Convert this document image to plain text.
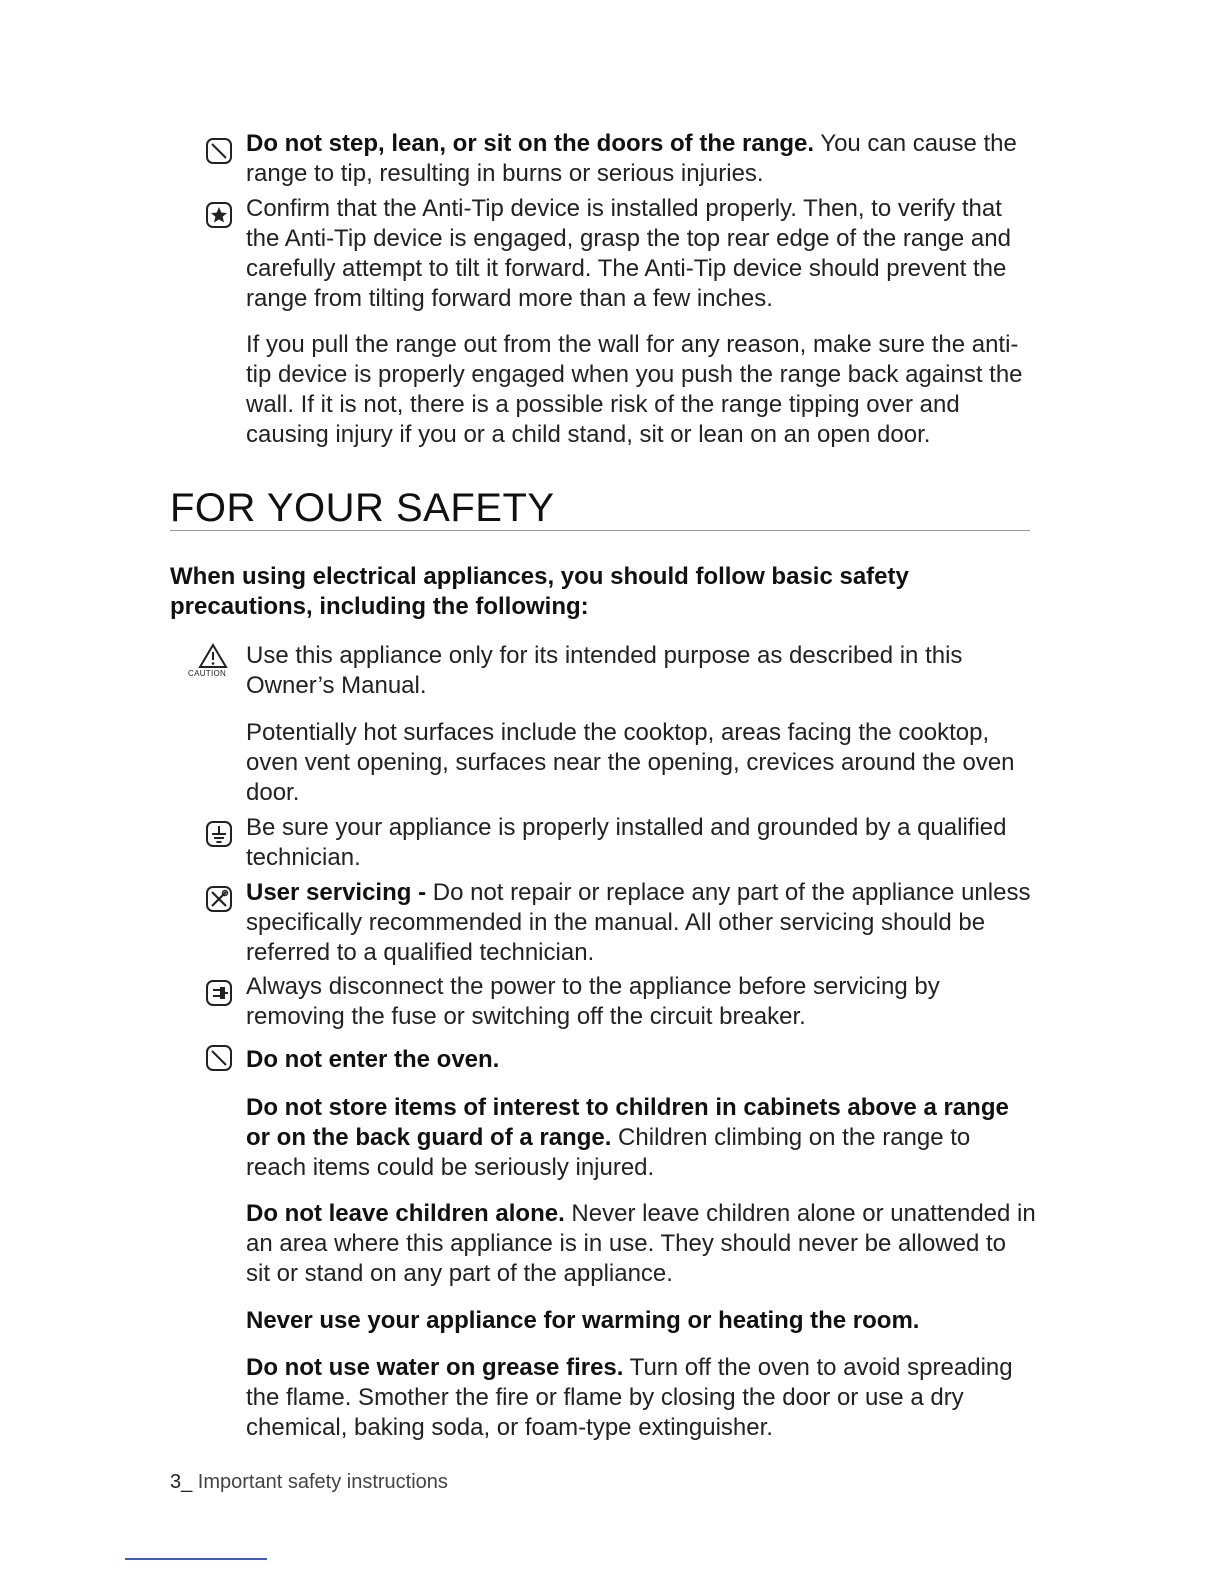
Do not step, lean, or sit on the doors of the range. You can cause the range to tip, resulting in burns or serious injuries.
Confirm that the Anti-Tip device is installed properly. Then, to verify that the Anti-Tip device is engaged, grasp the top rear edge of the range and carefully attempt to tilt it forward. The Anti-Tip device should prevent the range from tilting forward more than a few inches.
If you pull the range out from the wall for any reason, make sure the anti-tip device is properly engaged when you push the range back against the wall. If it is not, there is a possible risk of the range tipping over and causing injury if you or a child stand, sit or lean on an open door.
FOR YOUR SAFETY
When using electrical appliances, you should follow basic safety precautions, including the following:
CAUTION
Use this appliance only for its intended purpose as described in this Owner’s Manual.
Potentially hot surfaces include the cooktop, areas facing the cooktop, oven vent opening, surfaces near the opening, crevices around the oven door.
Be sure your appliance is properly installed and grounded by a qualified technician.
User servicing - Do not repair or replace any part of the appliance unless specifically recommended in the manual. All other servicing should be referred to a qualified technician.
Always disconnect the power to the appliance before servicing by removing the fuse or switching off the circuit breaker.
Do not enter the oven.
Do not store items of interest to children in cabinets above a range or on the back guard of a range. Children climbing on the range to reach items could be seriously injured.
Do not leave children alone. Never leave children alone or unattended in an area where this appliance is in use. They should never be allowed to sit or stand on any part of the appliance.
Never use your appliance for warming or heating the room.
Do not use water on grease fires. Turn off the oven to avoid spreading the flame. Smother the fire or flame by closing the door or use a dry chemical, baking soda, or foam-type extinguisher.
3_ Important safety instructions
